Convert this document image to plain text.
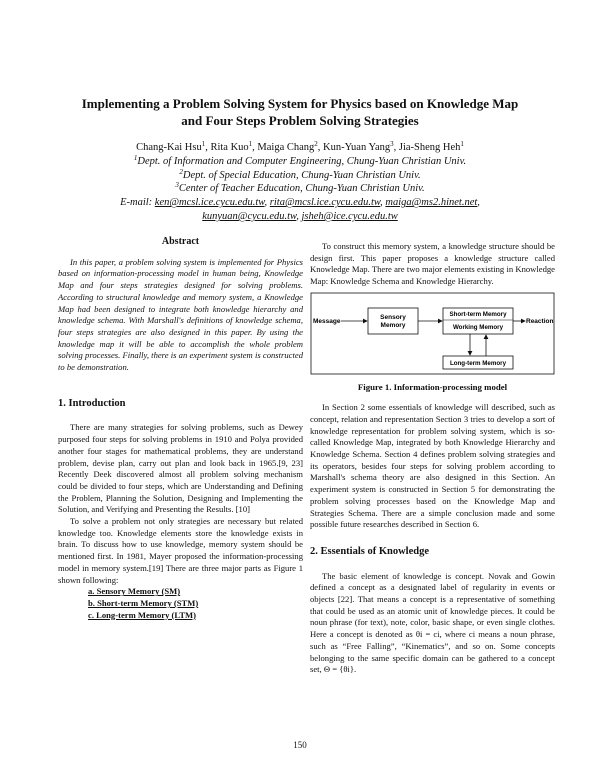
Implementing a Problem Solving System for Physics based on Knowledge Map
and Four Steps Problem Solving Strategies
Chang-Kai Hsu$^1$, Rita Kuo$^1$, Maiga Chang$^2$, Kun-Yuan Yang$^3$, Jia-Sheng Heh$^1$
$^1$Dept. of Information and Computer Engineering, Chung-Yuan Christian Univ.
$^2$Dept. of Special Education, Chung-Yuan Christian Univ.
$^3$Center of Teacher Education, Chung-Yuan Christian Univ.
E-mail: ken@mcsl.ice.cycu.edu.tw, rita@mcsl.ice.cycu.edu.tw, maiga@ms2.hinet.net,
kunyuan@cycu.edu.tw, jsheh@ice.cycu.edu.tw
Abstract

In this paper, a problem solving system is implemented for Physics based on information-processing model in human being, Knowledge Map and four steps strategies designed for solving problems. According to structural knowledge and memory system, a Knowledge Map had been designed to integrate both knowledge hierarchy and knowledge schema. With Marshall's definitions of knowledge schema, four steps strategies are also designed in this paper. By using the knowledge map it will be able to accomplish the whole problem solving processes. Finally, there is an experiment system is constructed to be demonstration.

1. Introduction

There are many strategies for solving problems, such as Dewey purposed four steps for solving problems in 1910 and Polya provided another four stages for mathematical problems, they are understand problem, devise plan, carry out plan and look back in 1965.[9, 23] Recently Deek discovered almost all problem solving mechanism could be divided to four steps, which are Understanding and Defining the Problem, Planning the Solution, Designing and Implementing the Solution, and Verifying and Presenting the Results. [10]

To solve a problem not only strategies are necessary but related knowledge too. Knowledge elements store the knowledge exists in brain. To discuss how to use knowledge, memory system should be mentioned first. In 1981, Mayer proposed the information-processing model in memory system.[19] There are three major parts as Figure 1 shown following:

a. Sensory Memory (SM)
b. Short-term Memory (STM)
c. Long-term Memory (LTM)

To construct this memory system, a knowledge structure should be design first. This paper proposes a knowledge structure called Knowledge Map. There are two major elements existing in Knowledge Map: Knowledge Schema and Knowledge Hierarchy.

Message
Sensory
Memory
Short-term Memory
Working Memory
Reaction
Long-term Memory
Figure 1. Information-processing model

In Section 2 some essentials of knowledge will described, such as concept, relation and representation Section 3 tries to develop a sort of knowledge representation for problem solving system, which is so-called Knowledge Map, integrated by both Knowledge Hierarchy and Knowledge Schema. Section 4 defines problem solving strategies and its operators, besides four steps for solving problem according to Marshall's schema theory are also designed in this Section. An experiment system is constructed in Section 5 for demonstrating the problem solving processes based on the Knowledge Map and Strategies Schema. There are a simple conclusion made and some possible future researches described in Section 6.

2. Essentials of Knowledge

The basic element of knowledge is concept. Novak and Gowin defined a concept as a designated label of regularity in events or objects [22]. That means a concept is a representative of something that could be used as an atomic unit of knowledge pieces. It could be noun phrase (for text), note, color, basic shape, or even single clothes. Here a concept is denoted as θi = ci, where ci means a noun phrase, such as “Free Falling”, “Kinematics”, and so on. Some concepts belonging to the same specific domain can be gathered to a concept set, Θ = {θi}.

150
